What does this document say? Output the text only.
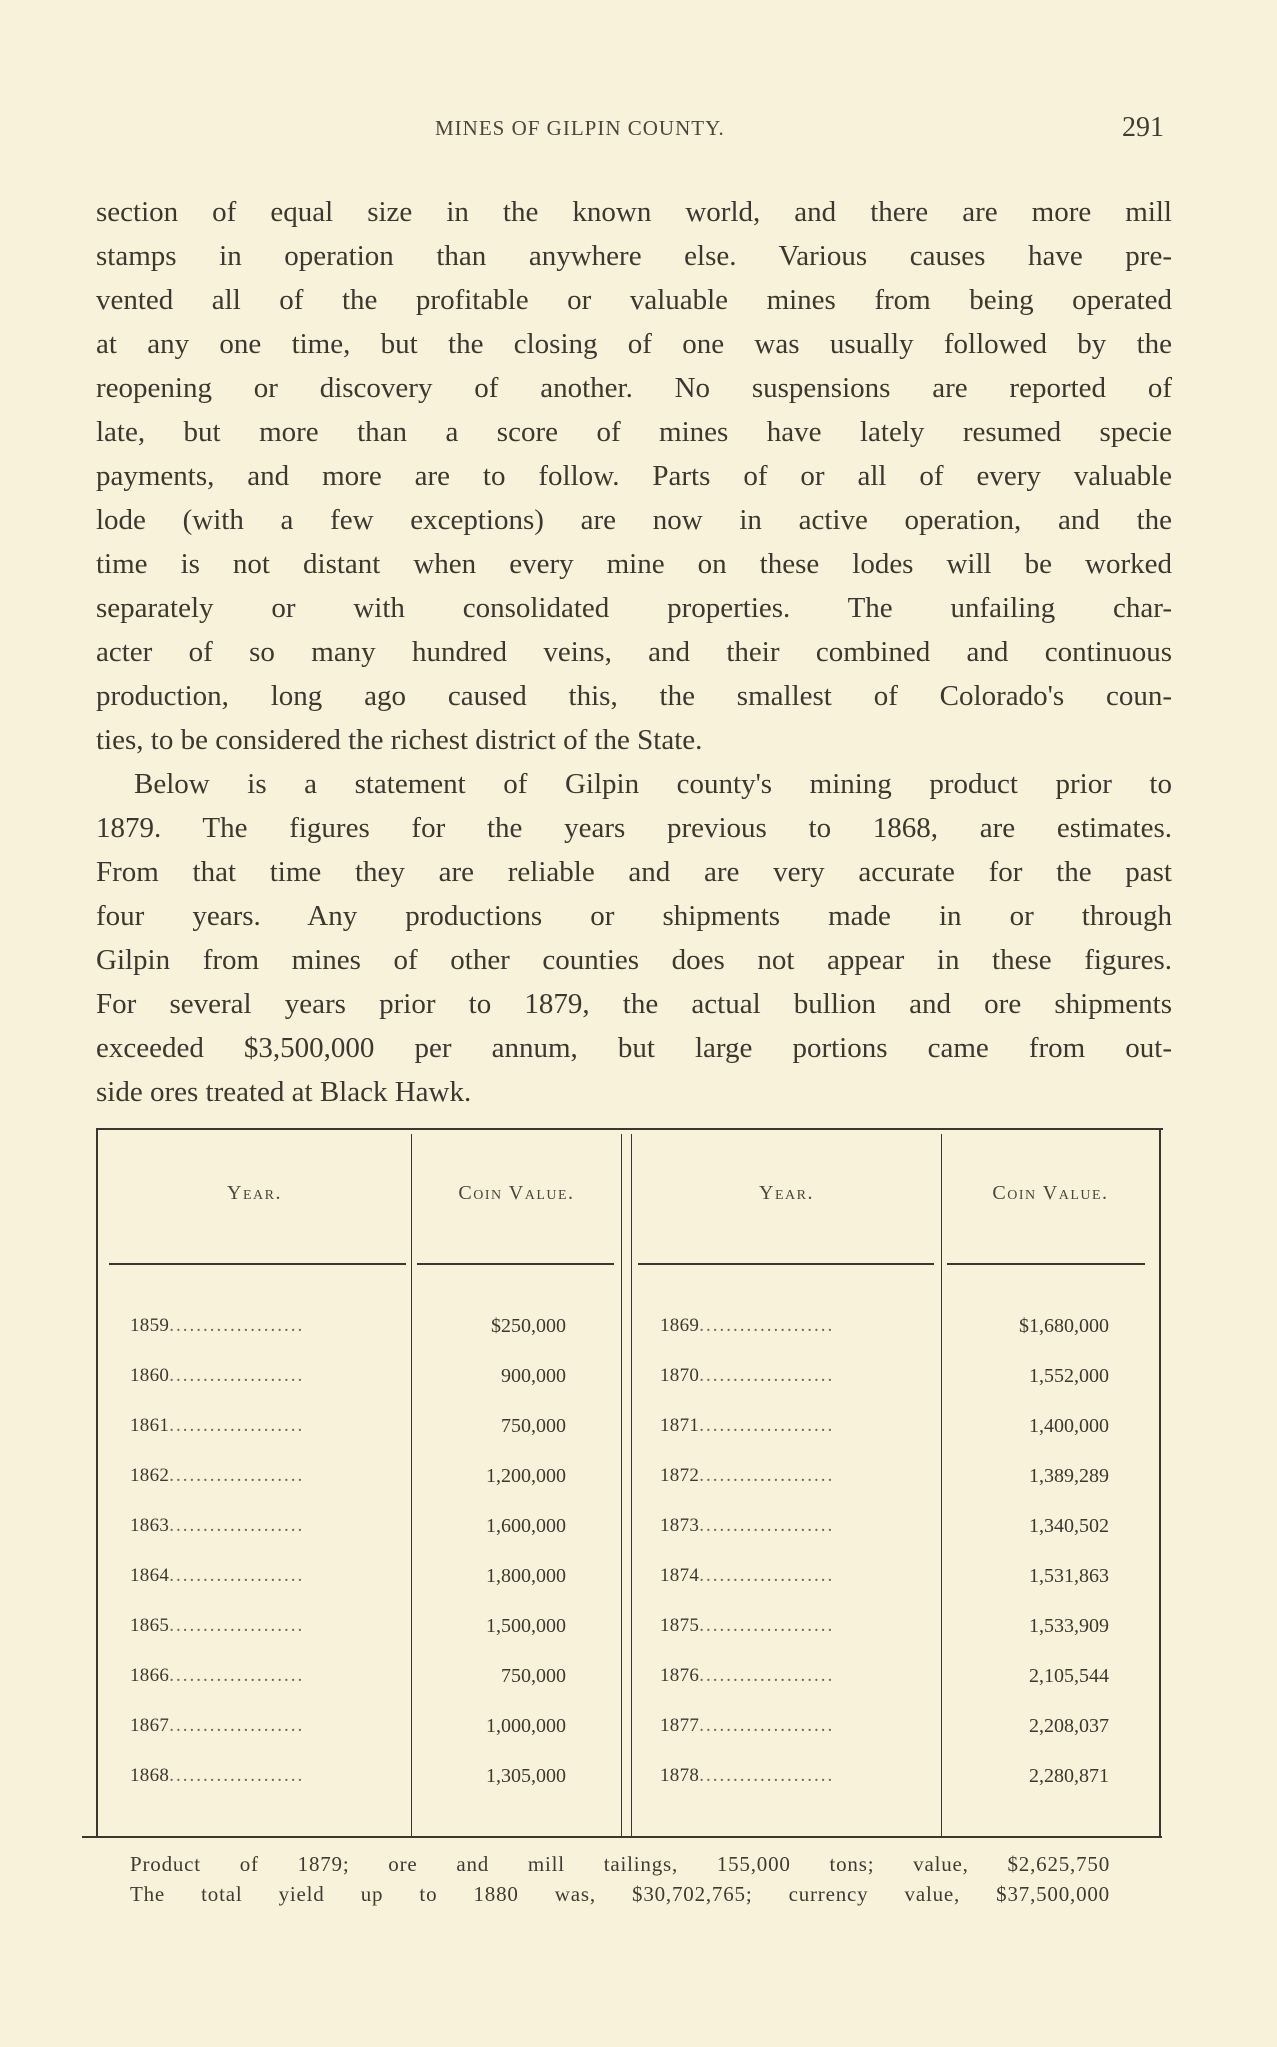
MINES OF GILPIN COUNTY.	291
section of equal size in the known world, and there are more mill
stamps in operation than anywhere else. Various causes have pre-
vented all of the profitable or valuable mines from being operated
at any one time, but the closing of one was usually followed by the
reopening or discovery of another. No suspensions are reported of
late, but more than a score of mines have lately resumed specie
payments, and more are to follow. Parts of or all of every valuable
lode (with a few exceptions) are now in active operation, and the
time is not distant when every mine on these lodes will be worked
separately or with consolidated properties. The unfailing char-
acter of so many hundred veins, and their combined and continuous
production, long ago caused this, the smallest of Colorado's coun-
ties, to be considered the richest district of the State.
Below is a statement of Gilpin county's mining product prior to
1879. The figures for the years previous to 1868, are estimates.
From that time they are reliable and are very accurate for the past
four years. Any productions or shipments made in or through
Gilpin from mines of other counties does not appear in these figures.
For several years prior to 1879, the actual bullion and ore shipments
exceeded $3,500,000 per annum, but large portions came from out-
side ores treated at Black Hawk.
Year.	Coin Value.	Year.	Coin Value.
1859....................	$250,000
1860....................	900,000
1861....................	750,000
1862....................	1,200,000
1863....................	1,600,000
1864....................	1,800,000
1865....................	1,500,000
1866....................	750,000
1867....................	1,000,000
1868....................	1,305,000
1869....................	$1,680,000
1870....................	1,552,000
1871....................	1,400,000
1872....................	1,389,289
1873....................	1,340,502
1874....................	1,531,863
1875....................	1,533,909
1876....................	2,105,544
1877....................	2,208,037
1878....................	2,280,871
Product of 1879; ore and mill tailings, 155,000 tons; value, $2,625,750
The total yield up to 1880 was, $30,702,765; currency value, $37,500,000
